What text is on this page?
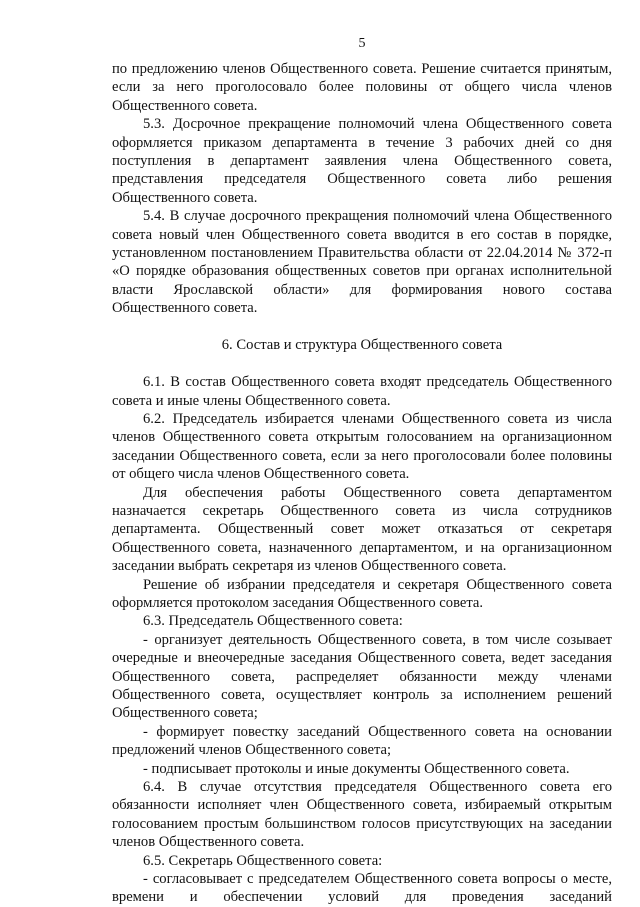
5

по предложению членов Общественного совета. Решение считается принятым, если за него проголосовало более половины от общего числа членов Общественного совета.

5.3. Досрочное прекращение полномочий члена Общественного совета оформляется приказом департамента в течение 3 рабочих дней со дня поступления в департамент заявления члена Общественного совета, представления председателя Общественного совета либо решения Общественного совета.

5.4. В случае досрочного прекращения полномочий члена Общественного совета новый член Общественного совета вводится в его состав в порядке, установленном постановлением Правительства области от 22.04.2014 № 372-п «О порядке образования общественных советов при органах исполнительной власти Ярославской области» для формирования нового состава Общественного совета.

6. Состав и структура Общественного совета

6.1. В состав Общественного совета входят председатель Общественного совета и иные члены Общественного совета.

6.2. Председатель избирается членами Общественного совета из числа членов Общественного совета открытым голосованием на организационном заседании Общественного совета, если за него проголосовали более половины от общего числа членов Общественного совета.

Для обеспечения работы Общественного совета департаментом назначается секретарь Общественного совета из числа сотрудников департамента. Общественный совет может отказаться от секретаря Общественного совета, назначенного департаментом, и на организационном заседании выбрать секретаря из членов Общественного совета.

Решение об избрании председателя и секретаря Общественного совета оформляется протоколом заседания Общественного совета.

6.3. Председатель Общественного совета:

- организует деятельность Общественного совета, в том числе созывает очередные и внеочередные заседания Общественного совета, ведет заседания Общественного совета, распределяет обязанности между членами Общественного совета, осуществляет контроль за исполнением решений Общественного совета;

- формирует повестку заседаний Общественного совета на основании предложений членов Общественного совета;

- подписывает протоколы и иные документы Общественного совета.

6.4. В случае отсутствия председателя Общественного совета его обязанности исполняет член Общественного совета, избираемый открытым голосованием простым большинством голосов присутствующих на заседании членов Общественного совета.

6.5. Секретарь Общественного совета:

- согласовывает с председателем Общественного совета вопросы о месте, времени и обеспечении условий для проведения заседаний
